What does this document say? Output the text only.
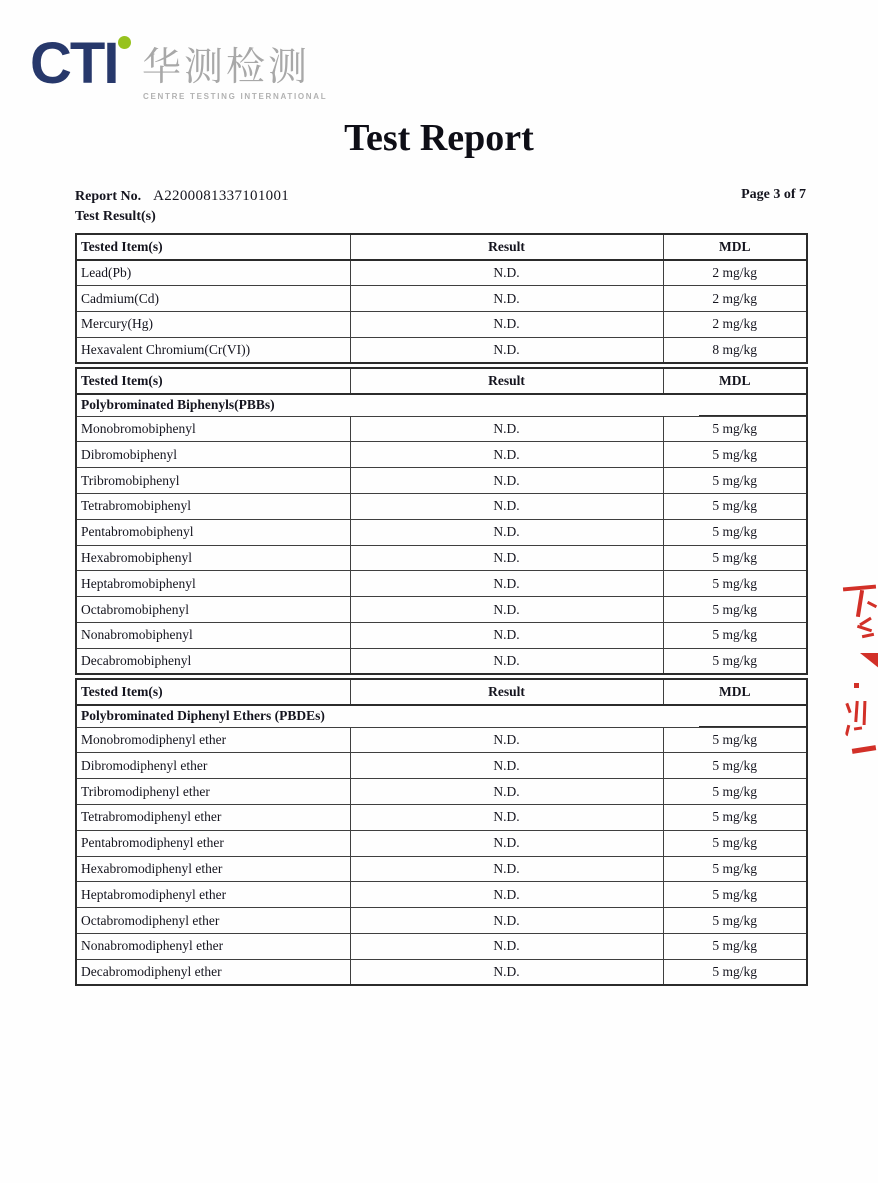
CTI 华测检测
CENTRE TESTING INTERNATIONAL
Test Report
Report No. A2200081337101001	Page 3 of 7
Test Result(s)
Tested Item(s)	Result	MDL
Lead(Pb)	N.D.	2 mg/kg
Cadmium(Cd)	N.D.	2 mg/kg
Mercury(Hg)	N.D.	2 mg/kg
Hexavalent Chromium(Cr(VI))	N.D.	8 mg/kg
Tested Item(s)	Result	MDL
Polybrominated Biphenyls(PBBs)		

Monobromobiphenyl	N.D.	5 mg/kg
Dibromobiphenyl	N.D.	5 mg/kg
Tribromobiphenyl	N.D.	5 mg/kg
Tetrabromobiphenyl	N.D.	5 mg/kg
Pentabromobiphenyl	N.D.	5 mg/kg
Hexabromobiphenyl	N.D.	5 mg/kg
Heptabromobiphenyl	N.D.	5 mg/kg
Octabromobiphenyl	N.D.	5 mg/kg
Nonabromobiphenyl	N.D.	5 mg/kg
Decabromobiphenyl	N.D.	5 mg/kg
Tested Item(s)	Result	MDL
Polybrominated Diphenyl Ethers (PBDEs)		

Monobromodiphenyl ether	N.D.	5 mg/kg
Dibromodiphenyl ether	N.D.	5 mg/kg
Tribromodiphenyl ether	N.D.	5 mg/kg
Tetrabromodiphenyl ether	N.D.	5 mg/kg
Pentabromodiphenyl ether	N.D.	5 mg/kg
Hexabromodiphenyl ether	N.D.	5 mg/kg
Heptabromodiphenyl ether	N.D.	5 mg/kg
Octabromodiphenyl ether	N.D.	5 mg/kg
Nonabromodiphenyl ether	N.D.	5 mg/kg
Decabromodiphenyl ether	N.D.	5 mg/kg
